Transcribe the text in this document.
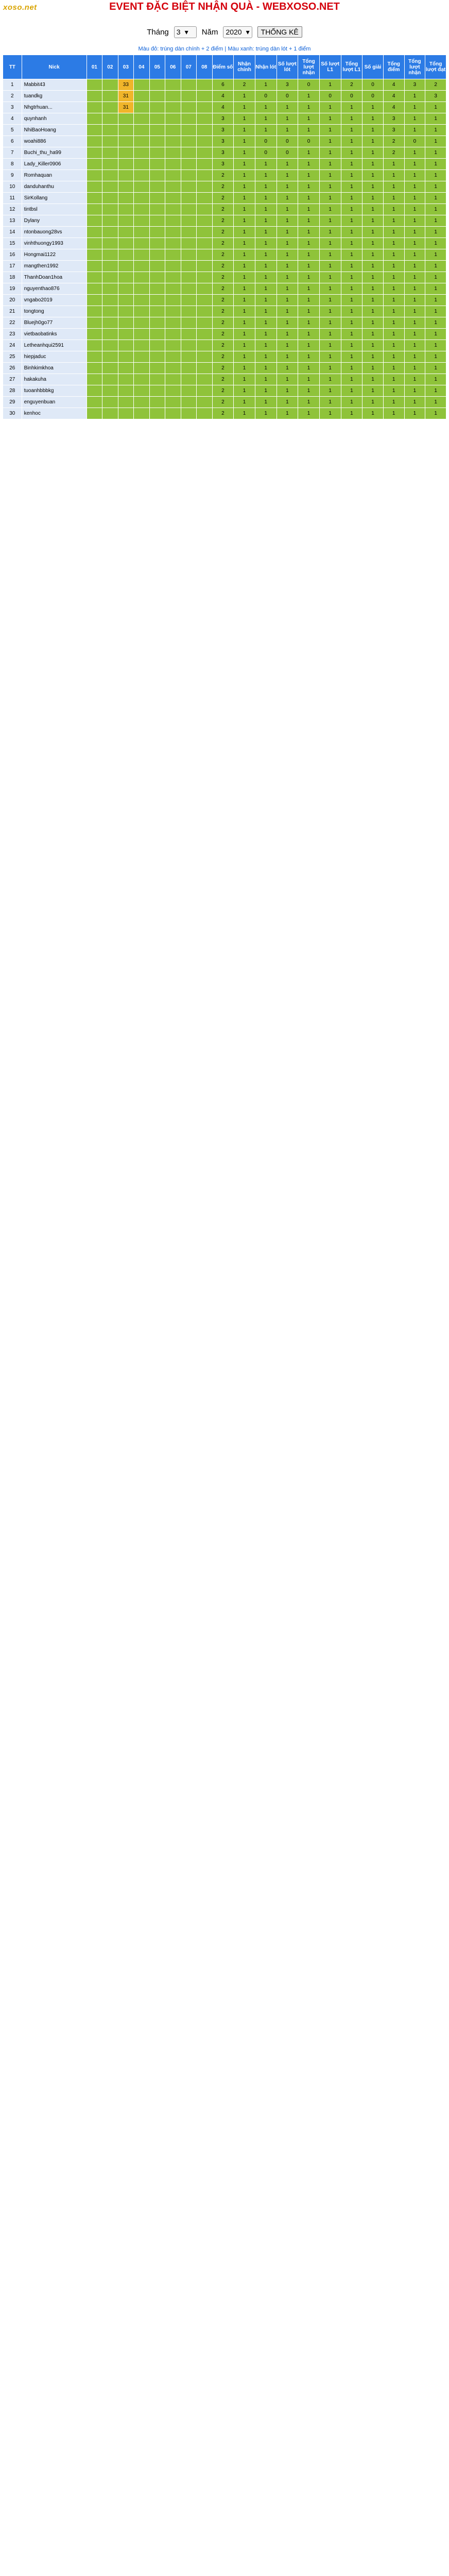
xoso.net	EVENT ĐẶC BIỆT NHẬN QUÀ - WEBXOSO.NET
Tháng 3 ▾ Năm 2020 ▾	THỐNG KÊ
Màu đỏ: trúng dàn chính + 2 điểm | Màu xanh: trúng dàn lót + 1 điểm
TT	Nick	01	02	03	04	05	06	07	08	Điểm số	Nhận chính	Nhận lót	Số lượt lót	Tổng lượt nhận	Số lượt L1	Tổng lượt L1	Số giải	Tổng điểm	Tổng lượt nhận	Tổng lượt đạt
1	Mabbit43			33						6	2	1	3	0	1	2	0	4	3	2
2	tuandkg			31						4	1	0	0	1	0	0	0	4	1	3
3	Nhgtrhuan...			31						4	1	1	1	1	1	1	1	4	1	1
4	quynhanh									3	1	1	1	1	1	1	1	3	1	1
5	NhiBaoHoang									3	1	1	1	1	1	1	1	3	1	1
6	woahi886									3	1	0	0	0	1	1	1	2	0	1
7	Buchi_thu_ha99									3	1	0	0	1	1	1	1	2	1	1
8	Lady_Killer0906									3	1	1	1	1	1	1	1	1	1	1
9	Romhaquan									2	1	1	1	1	1	1	1	1	1	1
10	danduhanthu									2	1	1	1	1	1	1	1	1	1	1
11	SirKollang									2	1	1	1	1	1	1	1	1	1	1
12	tintbsl									2	1	1	1	1	1	1	1	1	1	1
13	Dylany									2	1	1	1	1	1	1	1	1	1	1
14	ntonbauong28vs									2	1	1	1	1	1	1	1	1	1	1
15	vinhthuongy1993									2	1	1	1	1	1	1	1	1	1	1
16	Hongmai1122									2	1	1	1	1	1	1	1	1	1	1
17	mangthen1992									2	1	1	1	1	1	1	1	1	1	1
18	ThanhDoan1hoa									2	1	1	1	1	1	1	1	1	1	1
19	nguyenthao876									2	1	1	1	1	1	1	1	1	1	1
20	vngabo2019									2	1	1	1	1	1	1	1	1	1	1
21	tongtong									2	1	1	1	1	1	1	1	1	1	1
22	Bluejh0go77									2	1	1	1	1	1	1	1	1	1	1
23	vietbaobatinks									2	1	1	1	1	1	1	1	1	1	1
24	Letheanhqui2591									2	1	1	1	1	1	1	1	1	1	1
25	hiepjaduc									2	1	1	1	1	1	1	1	1	1	1
26	Binhkimkhoa									2	1	1	1	1	1	1	1	1	1	1
27	hakakuha									2	1	1	1	1	1	1	1	1	1	1
28	tuoanhbbbkg									2	1	1	1	1	1	1	1	1	1	1
29	enguyenbuan									2	1	1	1	1	1	1	1	1	1	1
30	kenhoc									2	1	1	1	1	1	1	1	1	1	1
